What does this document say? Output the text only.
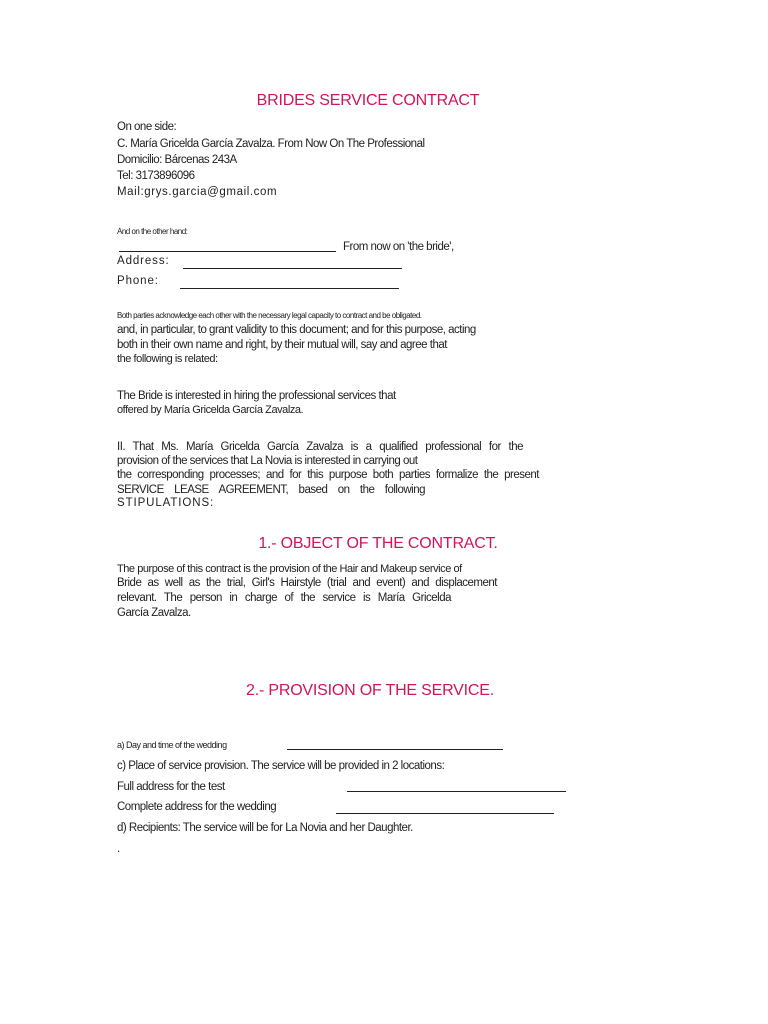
BRIDES SERVICE CONTRACT
On one side:
C. María Gricelda García Zavalza. From Now On The Professional
Domicilio: Bárcenas 243A
Tel: 3173896096
Mail:grys.garcia@gmail.com
And on the other hand:
From now on 'the bride',
Address:
Phone:
Both parties acknowledge each other with the necessary legal capacity to contract and be obligated.
and, in particular, to grant validity to this document; and for this purpose, acting
both in their own name and right, by their mutual will, say and agree that
the following is related:
The Bride is interested in hiring the professional services that
offered by María Gricelda García Zavalza.
II. That Ms. María Gricelda García Zavalza is a qualified professional for the
provision of the services that La Novia is interested in carrying out
the corresponding processes; and for this purpose both parties formalize the present
SERVICE LEASE AGREEMENT, based on the following
STIPULATIONS:
1.- OBJECT OF THE CONTRACT.
The purpose of this contract is the provision of the Hair and Makeup service of
Bride as well as the trial, Girl's Hairstyle (trial and event) and displacement
relevant. The person in charge of the service is María Gricelda
García Zavalza.
2.- PROVISION OF THE SERVICE.
a) Day and time of the wedding
c) Place of service provision. The service will be provided in 2 locations:
Full address for the test
Complete address for the wedding
d) Recipients: The service will be for La Novia and her Daughter.
.
